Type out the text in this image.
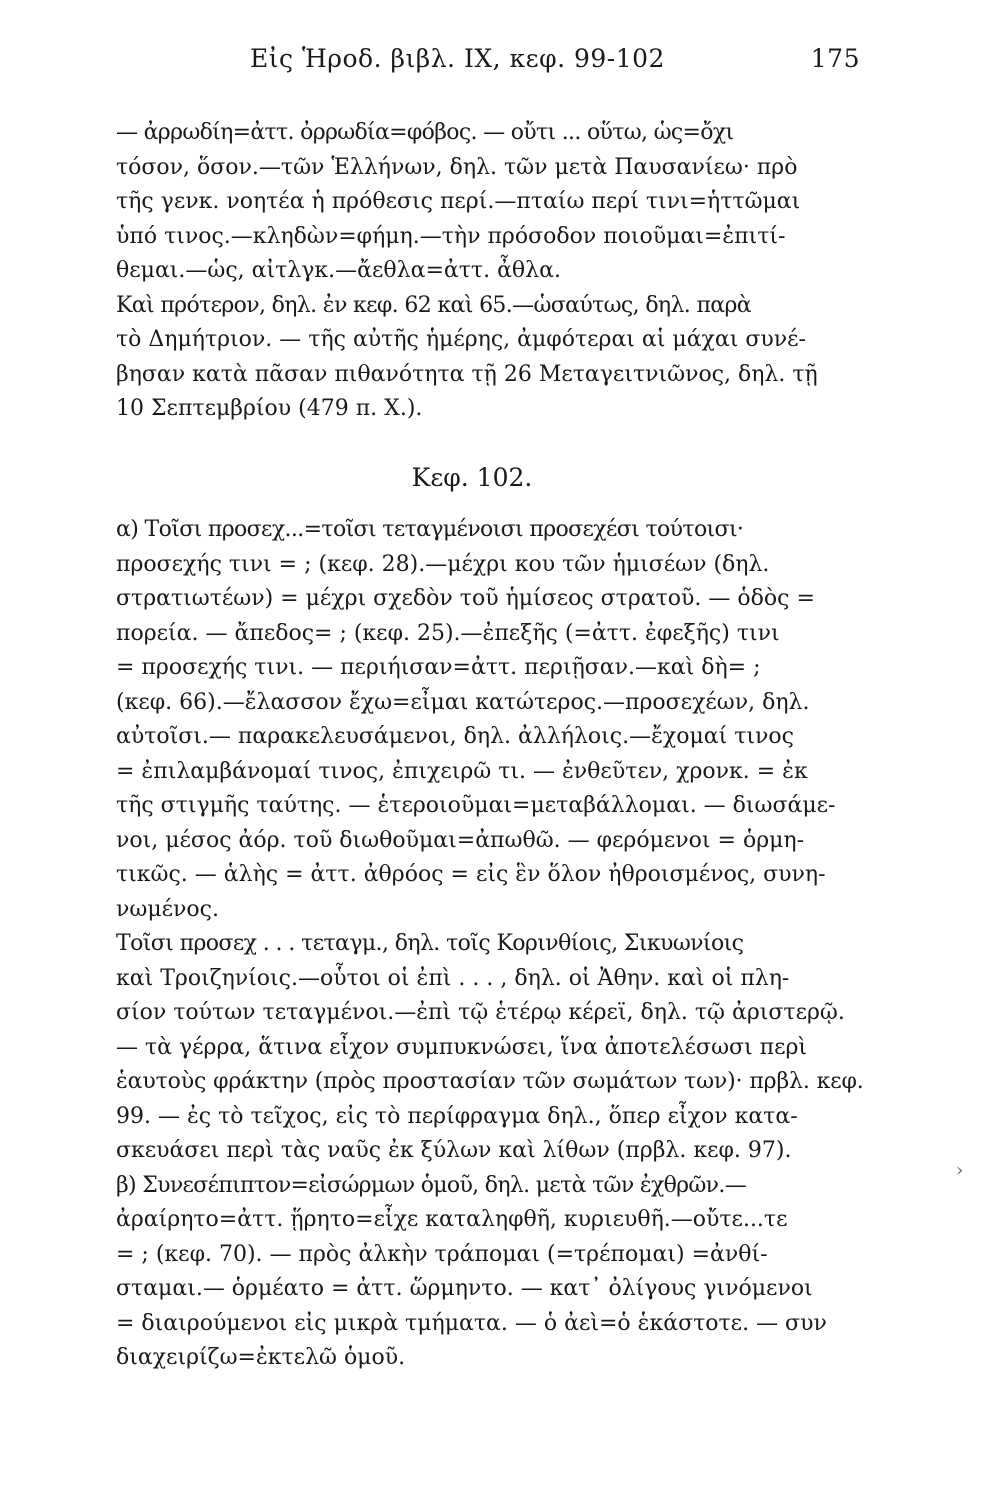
Εἰς Ἡροδ. βιβλ. IX, κεφ. 99-102	175

— ἀρρωδίη=ἀττ. ὀρρωδία=φόβος. — οὔτι ... οὕτω, ὡς=ὄχι
τόσον, ὅσον.—τῶν Ἑλλήνων, δηλ. τῶν μετὰ Παυσανίεω· πρὸ
τῆς γενκ. νοητέα ἡ πρόθεσις περί.—πταίω περί τινι=ἡττῶμαι
ὑπό τινος.—κληδὼν=φήμη.—τὴν πρόσοδον ποιοῦμαι=ἐπιτί-
θεμαι.—ὡς, αἰτλγκ.—ἄεθλα=ἀττ. ἆθλα.

Καὶ πρότερον, δηλ. ἐν κεφ. 62 καὶ 65.—ὡσαύτως, δηλ. παρὰ
τὸ Δημήτριον. — τῆς αὐτῆς ἡμέρης, ἀμφότεραι αἱ μάχαι συνέ-
βησαν κατὰ πᾶσαν πιθανότητα τῇ 26 Μεταγειτνιῶνος, δηλ. τῇ
10 Σεπτεμβρίου (479 π. Χ.).

Κεφ. 102.

α) Τοῖσι προσεχ...=τοῖσι τεταγμένοισι προσεχέσι τούτοισι·
προσεχής τινι = ; (κεφ. 28).—μέχρι κου τῶν ἡμισέων (δηλ.
στρατιωτέων) = μέχρι σχεδὸν τοῦ ἡμίσεος στρατοῦ. — ὁδὸς =
πορεία. — ἄπεδος= ; (κεφ. 25).—ἐπεξῆς (=ἀττ. ἐφεξῆς) τινι
= προσεχής τινι. — περιήισαν=ἀττ. περιῇσαν.—καὶ δὴ= ;
(κεφ. 66).—ἔλασσον ἔχω=εἶμαι κατώτερος.—προσεχέων, δηλ.
αὐτοῖσι.— παρακελευσάμενοι, δηλ. ἀλλήλοις.—ἔχομαί τινος
= ἐπιλαμβάνομαί τινος, ἐπιχειρῶ τι. — ἐνθεῦτεν, χρονκ. = ἐκ
τῆς στιγμῆς ταύτης. — ἑτεροιοῦμαι=μεταβάλλομαι. — διωσάμε-
νοι, μέσος ἀόρ. τοῦ διωθοῦμαι=ἀπωθῶ. — φερόμενοι = ὁρμη-
τικῶς. — ἁλὴς = ἀττ. ἀθρόος = εἰς ἓν ὅλον ἠθροισμένος, συνη-
νωμένος.

Τοῖσι προσεχ . . . τεταγμ., δηλ. τοῖς Κορινθίοις, Σικυωνίοις
καὶ Τροιζηνίοις.—οὗτοι οἱ ἐπὶ . . . , δηλ. οἱ Ἀθην. καὶ οἱ πλη-
σίον τούτων τεταγμένοι.—ἐπὶ τῷ ἑτέρῳ κέρεϊ, δηλ. τῷ ἀριστερῷ.
— τὰ γέρρα, ἅτινα εἶχον συμπυκνώσει, ἵνα ἀποτελέσωσι περὶ
ἑαυτοὺς φράκτην (πρὸς προστασίαν τῶν σωμάτων των)· πρβλ. κεφ.
99. — ἐς τὸ τεῖχος, εἰς τὸ περίφραγμα δηλ., ὅπερ εἶχον κατα-
σκευάσει περὶ τὰς ναῦς ἐκ ξύλων καὶ λίθων (πρβλ. κεφ. 97).

β) Συνεσέπιπτον=εἰσώρμων ὁμοῦ, δηλ. μετὰ τῶν ἐχθρῶν.—
ἀραίρητο=ἀττ. ᾕρητο=εἶχε καταληφθῆ, κυριευθῆ.—οὔτε...τε
= ; (κεφ. 70). — πρὸς ἀλκὴν τράπομαι (=τρέπομαι) =ἀνθί-
σταμαι.— ὁρμέατο = ἀττ. ὥρμηντο. — κατ᾽ ὀλίγους γινόμενοι
= διαιρούμενοι εἰς μικρὰ τμήματα. — ὁ ἀεὶ=ὁ ἑκάστοτε. — συν
διαχειρίζω=ἐκτελῶ ὁμοῦ.

›
